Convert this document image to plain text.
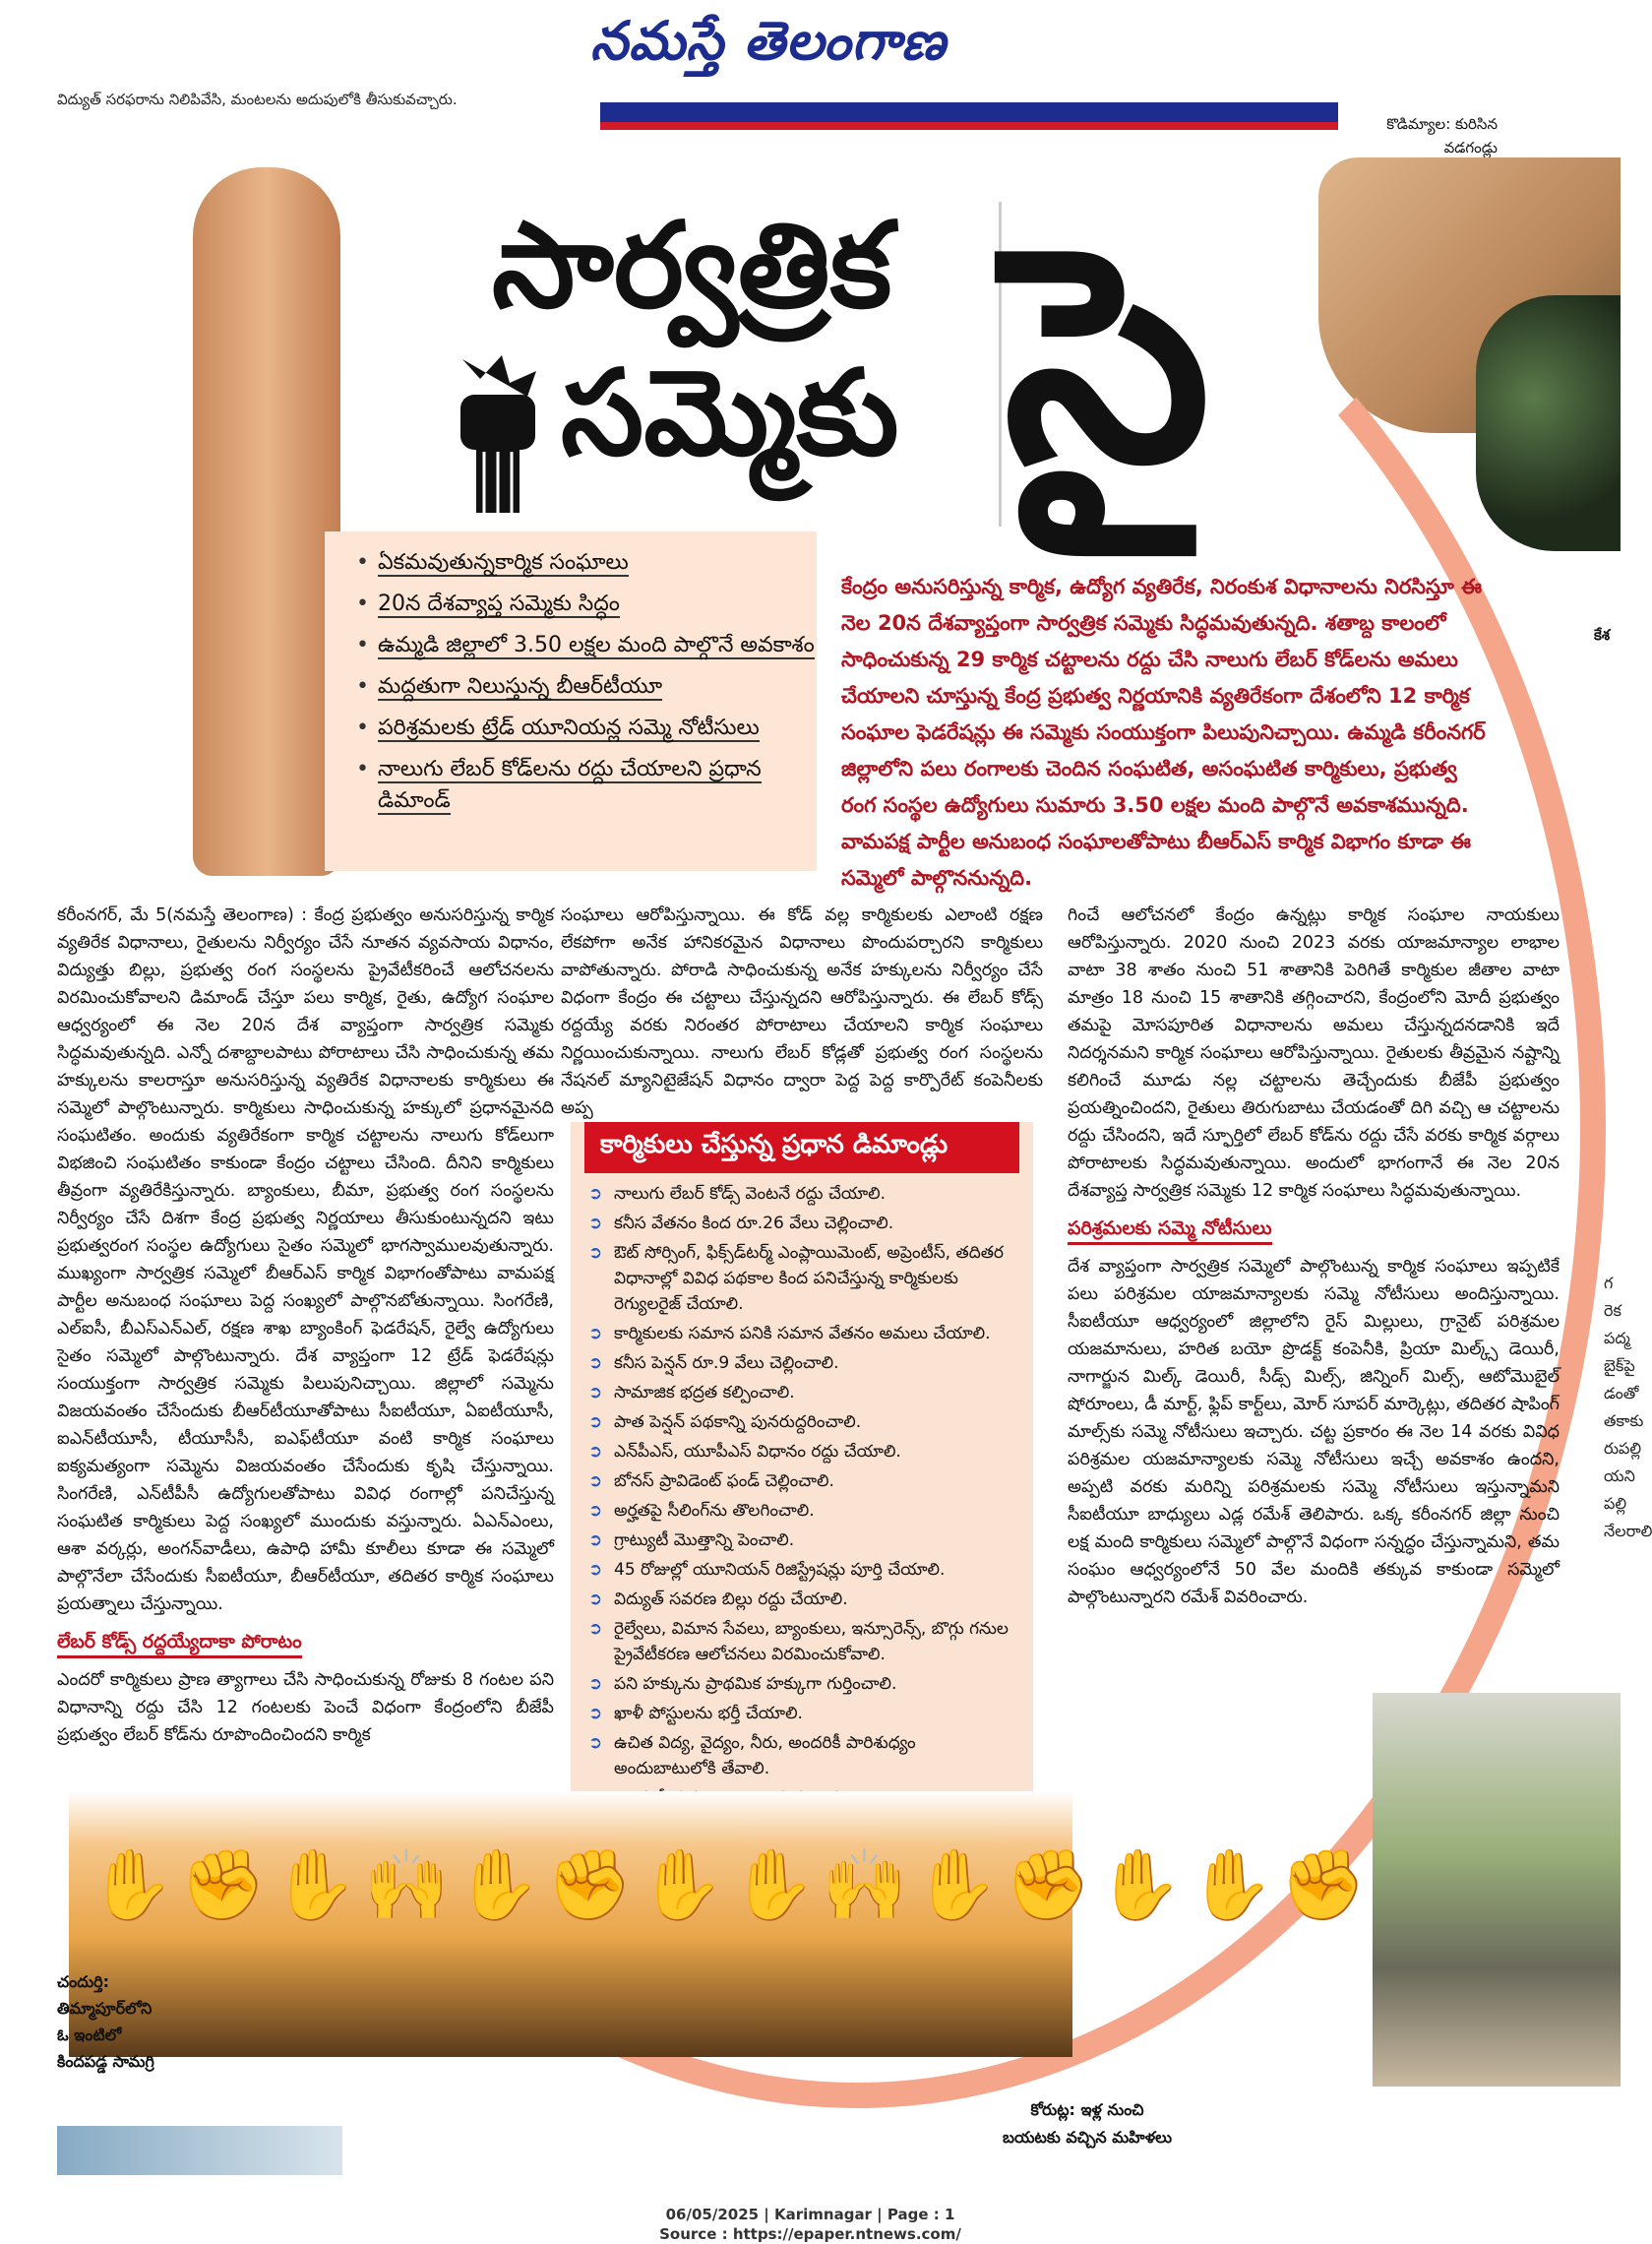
నమస్తే తెలంగాణ
విద్యుత్ సరఫరాను నిలిపివేసి, మంటలను అదుపులోకి తీసుకువచ్చారు.
కొడిమ్యాల: కురిసిన
వడగండ్లు
సార్వత్రిక
సమ్మెకు సై
• ఏకమవుతున్నకార్మిక సంఘాలు
• 20న దేశవ్యాప్త సమ్మెకు సిద్ధం
• ఉమ్మడి జిల్లాలో 3.50 లక్షల మంది పాల్గొనే అవకాశం
• మద్దతుగా నిలుస్తున్న బీఆర్‌టీయూ
• పరిశ్రమలకు ట్రేడ్ యూనియన్ల సమ్మె నోటీసులు
• నాలుగు లేబర్ కోడ్‌లను రద్దు చేయాలని ప్రధాన డిమాండ్
కేంద్రం అనుసరిస్తున్న కార్మిక, ఉద్యోగ వ్యతిరేక, నిరంకుశ విధానాలను నిరసిస్తూ ఈ నెల 20న దేశవ్యాప్తంగా సార్వత్రిక సమ్మెకు సిద్ధమవుతున్నది. శతాబ్ద కాలంలో సాధించుకున్న 29 కార్మిక చట్టాలను రద్దు చేసి నాలుగు లేబర్ కోడ్‌లను అమలు చేయాలని చూస్తున్న కేంద్ర ప్రభుత్వ నిర్ణయానికి వ్యతిరేకంగా దేశంలోని 12 కార్మిక సంఘాల ఫెడరేషన్లు ఈ సమ్మెకు సంయుక్తంగా పిలుపునిచ్చాయి. ఉమ్మడి కరీంనగర్ జిల్లాలోని పలు రంగాలకు చెందిన సంఘటిత, అసంఘటిత కార్మికులు, ప్రభుత్వ రంగ సంస్థల ఉద్యోగులు సుమారు 3.50 లక్షల మంది పాల్గొనే అవకాశమున్నది. వామపక్ష పార్టీల అనుబంధ సంఘాలతోపాటు బీఆర్‌ఎస్ కార్మిక విభాగం కూడా ఈ సమ్మెలో పాల్గొననున్నది.
కరీంనగర్, మే 5(నమస్తే తెలంగాణ) : కేంద్ర ప్రభుత్వం అనుసరిస్తున్న కార్మిక వ్యతిరేక విధానాలు, రైతులను నిర్వీర్యం చేసే నూతన వ్యవసాయ విధానం, విద్యుత్తు బిల్లు, ప్రభుత్వ రంగ సంస్థలను ప్రైవేటీకరించే ఆలోచనలను విరమించుకోవాలని డిమాండ్ చేస్తూ పలు కార్మిక, రైతు, ఉద్యోగ సంఘాల ఆధ్వర్యంలో ఈ నెల 20న దేశ వ్యాప్తంగా సార్వత్రిక సమ్మెకు సిద్ధమవుతున్నది. ఎన్నో దశాబ్దాలపాటు పోరాటాలు చేసి సాధించుకున్న తమ హక్కులను కాలరాస్తూ అనుసరిస్తున్న వ్యతిరేక విధానాలకు కార్మికులు ఈ సమ్మెలో పాల్గొంటున్నారు. కార్మికులు సాధించుకున్న హక్కులో ప్రధానమైనది సంఘటితం. అందుకు వ్యతిరేకంగా కార్మిక చట్టాలను నాలుగు కోడ్‌లుగా విభజించి సంఘటితం కాకుండా కేంద్రం చట్టాలు చేసింది. దీనిని కార్మికులు తీవ్రంగా వ్యతిరేకిస్తున్నారు. బ్యాంకులు, బీమా, ప్రభుత్వ రంగ సంస్థలను నిర్వీర్యం చేసే దిశగా కేంద్ర ప్రభుత్వ నిర్ణయాలు తీసుకుంటున్నదని ఇటు ప్రభుత్వరంగ సంస్థల ఉద్యోగులు సైతం సమ్మెలో భాగస్వాములవుతున్నారు. ముఖ్యంగా సార్వత్రిక సమ్మెలో బీఆర్ఎస్ కార్మిక విభాగంతోపాటు వామపక్ష పార్టీల అనుబంధ సంఘాలు పెద్ద సంఖ్యలో పాల్గొనబోతున్నాయి. సింగరేణి, ఎల్ఐసీ, బీఎస్ఎన్ఎల్, రక్షణ శాఖ బ్యాంకింగ్ ఫెడరేషన్, రైల్వే ఉద్యోగులు సైతం సమ్మెలో పాల్గొంటున్నారు. దేశ వ్యాప్తంగా 12 ట్రేడ్ ఫెడరేషన్లు సంయుక్తంగా సార్వత్రిక సమ్మెకు పిలుపునిచ్చాయి. జిల్లాలో సమ్మెను విజయవంతం చేసేందుకు బీఆర్‌టీయూతోపాటు సీఐటీయూ, ఏఐటీయూసీ, ఐఎన్‌టీయూసీ, టీయూసీసీ, ఐఎఫ్‌టీయూ వంటి కార్మిక సంఘాలు ఐక్యమత్యంగా సమ్మెను విజయవంతం చేసేందుకు కృషి చేస్తున్నాయి. సింగరేణి, ఎన్‌టీపీసీ ఉద్యోగులతోపాటు వివిధ రంగాల్లో పనిచేస్తున్న సంఘటిత కార్మికులు పెద్ద సంఖ్యలో ముందుకు వస్తున్నారు. ఏఎన్ఎంలు, ఆశా వర్కర్లు, అంగన్‌వాడీలు, ఉపాధి హామీ కూలీలు కూడా ఈ సమ్మెలో పాల్గొనేలా చేసేందుకు సీఐటీయూ, బీఆర్‌టీయూ, తదితర కార్మిక సంఘాలు ప్రయత్నాలు చేస్తున్నాయి.
లేబర్ కోడ్స్ రద్దయ్యేదాకా పోరాటం
ఎందరో కార్మికులు ప్రాణ త్యాగాలు చేసి సాధించుకున్న రోజుకు 8 గంటల పని విధానాన్ని రద్దు చేసి 12 గంటలకు పెంచే విధంగా కేంద్రంలోని బీజేపీ ప్రభుత్వం లేబర్ కోడ్‌ను రూపొందించిందని కార్మిక
సంఘాలు ఆరోపిస్తున్నాయి. ఈ కోడ్ వల్ల కార్మికులకు ఎలాంటి రక్షణ లేకపోగా అనేక హానికరమైన విధానాలు పొందుపర్చారని కార్మికులు వాపోతున్నారు. పోరాడి సాధించుకున్న అనేక హక్కులను నిర్వీర్యం చేసే విధంగా కేంద్రం ఈ చట్టాలు చేస్తున్నదని ఆరోపిస్తున్నారు. ఈ లేబర్ కోడ్స్ రద్దయ్యే వరకు నిరంతర పోరాటాలు చేయాలని కార్మిక సంఘాలు నిర్ణయించుకున్నాయి. నాలుగు లేబర్ కోడ్లతో ప్రభుత్వ రంగ సంస్థలను నేషనల్ మ్యానిటైజేషన్ విధానం ద్వారా పెద్ద పెద్ద కార్పొరేట్ కంపెనీలకు అప్ప
కార్మికులు చేస్తున్న ప్రధాన డిమాండ్లు
➲ నాలుగు లేబర్ కోడ్స్ వెంటనే రద్దు చేయాలి.
➲ కనీస వేతనం కింద రూ.26 వేలు చెల్లించాలి.
➲ ఔట్ సోర్సింగ్, ఫిక్స్‌డ్‌టర్మ్ ఎంప్లాయిమెంట్, అప్రెంటీస్, తదితర విధానాల్లో వివిధ పథకాల కింద పనిచేస్తున్న కార్మికులకు రెగ్యులరైజ్ చేయాలి.
➲ కార్మికులకు సమాన పనికి సమాన వేతనం అమలు చేయాలి.
➲ కనీస పెన్షన్ రూ.9 వేలు చెల్లించాలి.
➲ సామాజిక భద్రత కల్పించాలి.
➲ పాత పెన్షన్ పథకాన్ని పునరుద్దరించాలి.
➲ ఎన్‌పీఎస్, యూపీఎస్ విధానం రద్దు చేయాలి.
➲ బోనస్ ప్రావిడెంట్ ఫండ్ చెల్లించాలి.
➲ అర్హతపై సీలింగ్‌ను తొలగించాలి.
➲ గ్రాట్యుటీ మొత్తాన్ని పెంచాలి.
➲ 45 రోజుల్లో యూనియన్ రిజిస్ట్రేషన్లు పూర్తి చేయాలి.
➲ విద్యుత్ సవరణ బిల్లు రద్దు చేయాలి.
➲ రైల్వేలు, విమాన సేవలు, బ్యాంకులు, ఇన్సూరెన్స్, బొగ్గు గనుల ప్రైవేటీకరణ ఆలోచనలు విరమించుకోవాలి.
➲ పని హక్కును ప్రాథమిక హక్కుగా గుర్తించాలి.
➲ ఖాళీ పోస్టులను భర్తీ చేయాలి.
➲ ఉచిత విద్య, వైద్యం, నీరు, అందరికీ పారిశుధ్యం అందుబాటులోకి తేవాలి.
➲
గించే ఆలోచనలో కేంద్రం ఉన్నట్లు కార్మిక సంఘాల నాయకులు ఆరోపిస్తున్నారు. 2020 నుంచి 2023 వరకు యాజమాన్యాల లాభాల వాటా 38 శాతం నుంచి 51 శాతానికి పెరిగితే కార్మికుల జీతాల వాటా మాత్రం 18 నుంచి 15 శాతానికి తగ్గించారని, కేంద్రంలోని మోదీ ప్రభుత్వం తమపై మోసపూరిత విధానాలను అమలు చేస్తున్నదనడానికి ఇదే నిదర్శనమని కార్మిక సంఘాలు ఆరోపిస్తున్నాయి. రైతులకు తీవ్రమైన నష్టాన్ని కలిగించే మూడు నల్ల చట్టాలను తెచ్చేందుకు బీజేపీ ప్రభుత్వం ప్రయత్నించిందని, రైతులు తిరుగుబాటు చేయడంతో దిగి వచ్చి ఆ చట్టాలను రద్దు చేసిందని, ఇదే స్ఫూర్తిలో లేబర్ కోడ్‌ను రద్దు చేసే వరకు కార్మిక వర్గాలు పోరాటాలకు సిద్ధమవుతున్నాయి. అందులో భాగంగానే ఈ నెల 20న దేశవ్యాప్త సార్వత్రిక సమ్మెకు 12 కార్మిక సంఘాలు సిద్ధమవుతున్నాయి.
పరిశ్రమలకు సమ్మె నోటీసులు
దేశ వ్యాప్తంగా సార్వత్రిక సమ్మెలో పాల్గొంటున్న కార్మిక సంఘాలు ఇప్పటికే పలు పరిశ్రమల యాజమాన్యాలకు సమ్మె నోటీసులు అందిస్తున్నాయి. సీఐటీయూ ఆధ్వర్యంలో జిల్లాలోని రైస్ మిల్లులు, గ్రానైట్ పరిశ్రమల యజమానులు, హరిత బయో ప్రొడక్ట్ కంపెనీకి, ప్రియా మిల్క్స్ డెయిరీ, నాగార్జున మిల్క్ డెయిరీ, సీడ్స్ మిల్స్, జిన్నింగ్ మిల్స్, ఆటోమొబైల్ షోరూంలు, డీ మార్ట్, ఫ్లిప్ కార్ట్‌లు, మోర్ సూపర్ మార్కెట్లు, తదితర షాపింగ్ మాల్స్‌కు సమ్మె నోటీసులు ఇచ్చారు. చట్ట ప్రకారం ఈ నెల 14 వరకు వివిధ పరిశ్రమల యజమాన్యాలకు సమ్మె నోటీసులు ఇచ్చే అవకాశం ఉందని, అప్పటి వరకు మరిన్ని పరిశ్రమలకు సమ్మె నోటీసులు ఇస్తున్నామని సీఐటీయూ బాధ్యులు ఎడ్ల రమేశ్ తెలిపారు. ఒక్క కరీంనగర్ జిల్లా నుంచి లక్ష మంది కార్మికులు సమ్మెలో పాల్గొనే విధంగా సన్నద్ధం చేస్తున్నామని, తమ సంఘం ఆధ్వర్యంలోనే 50 వేల మందికి తక్కువ కాకుండా సమ్మెలో పాల్గొంటున్నారని రమేశ్ వివరించారు.
కేశ
గ
రెక
పద్మ
బైక్‌పై
డంతో
తకాకు
రుపల్లి
యని
పల్లి
నేలరాలి
✋✊✋🙌✋✊✋✋🙌✋✊✋✋✊
చందుర్తి:
తిమ్మాపూర్‌లోని
ఓ ఇంటిలో
కిందపడ్డ సామగ్రి
కోరుట్ల: ఇళ్ల నుంచి
బయటకు వచ్చిన మహిళలు
06/05/2025 | Karimnagar | Page : 1
Source : https://epaper.ntnews.com/
